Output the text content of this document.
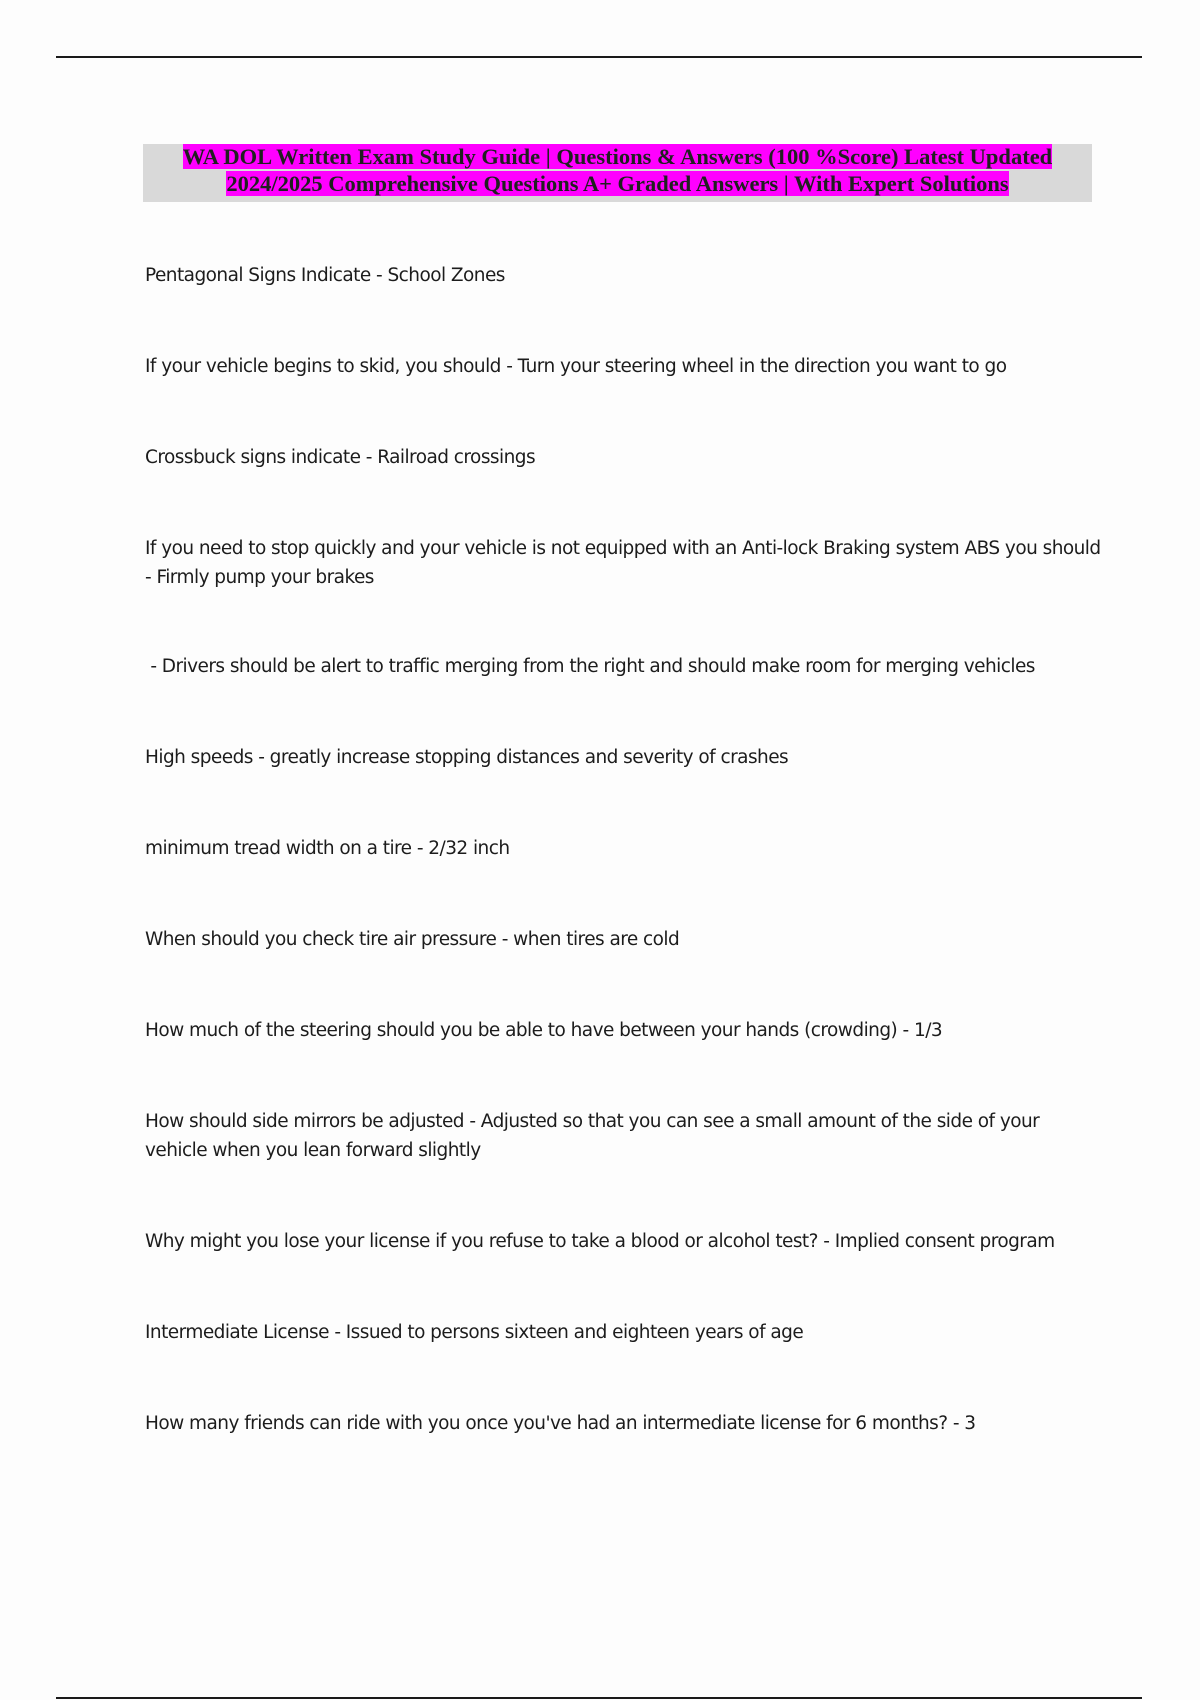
WA DOL Written Exam Study Guide | Questions & Answers (100 %Score) Latest Updated 2024/2025 Comprehensive Questions A+ Graded Answers | With Expert Solutions
Pentagonal Signs Indicate - School Zones
If your vehicle begins to skid, you should - Turn your steering wheel in the direction you want to go
Crossbuck signs indicate - Railroad crossings
If you need to stop quickly and your vehicle is not equipped with an Anti-lock Braking system ABS you should - Firmly pump your brakes
- Drivers should be alert to traffic merging from the right and should make room for merging vehicles
High speeds - greatly increase stopping distances and severity of crashes
minimum tread width on a tire - 2/32 inch
When should you check tire air pressure - when tires are cold
How much of the steering should you be able to have between your hands (crowding) - 1/3
How should side mirrors be adjusted - Adjusted so that you can see a small amount of the side of your vehicle when you lean forward slightly
Why might you lose your license if you refuse to take a blood or alcohol test? - Implied consent program
Intermediate License - Issued to persons sixteen and eighteen years of age
How many friends can ride with you once you've had an intermediate license for 6 months? - 3
